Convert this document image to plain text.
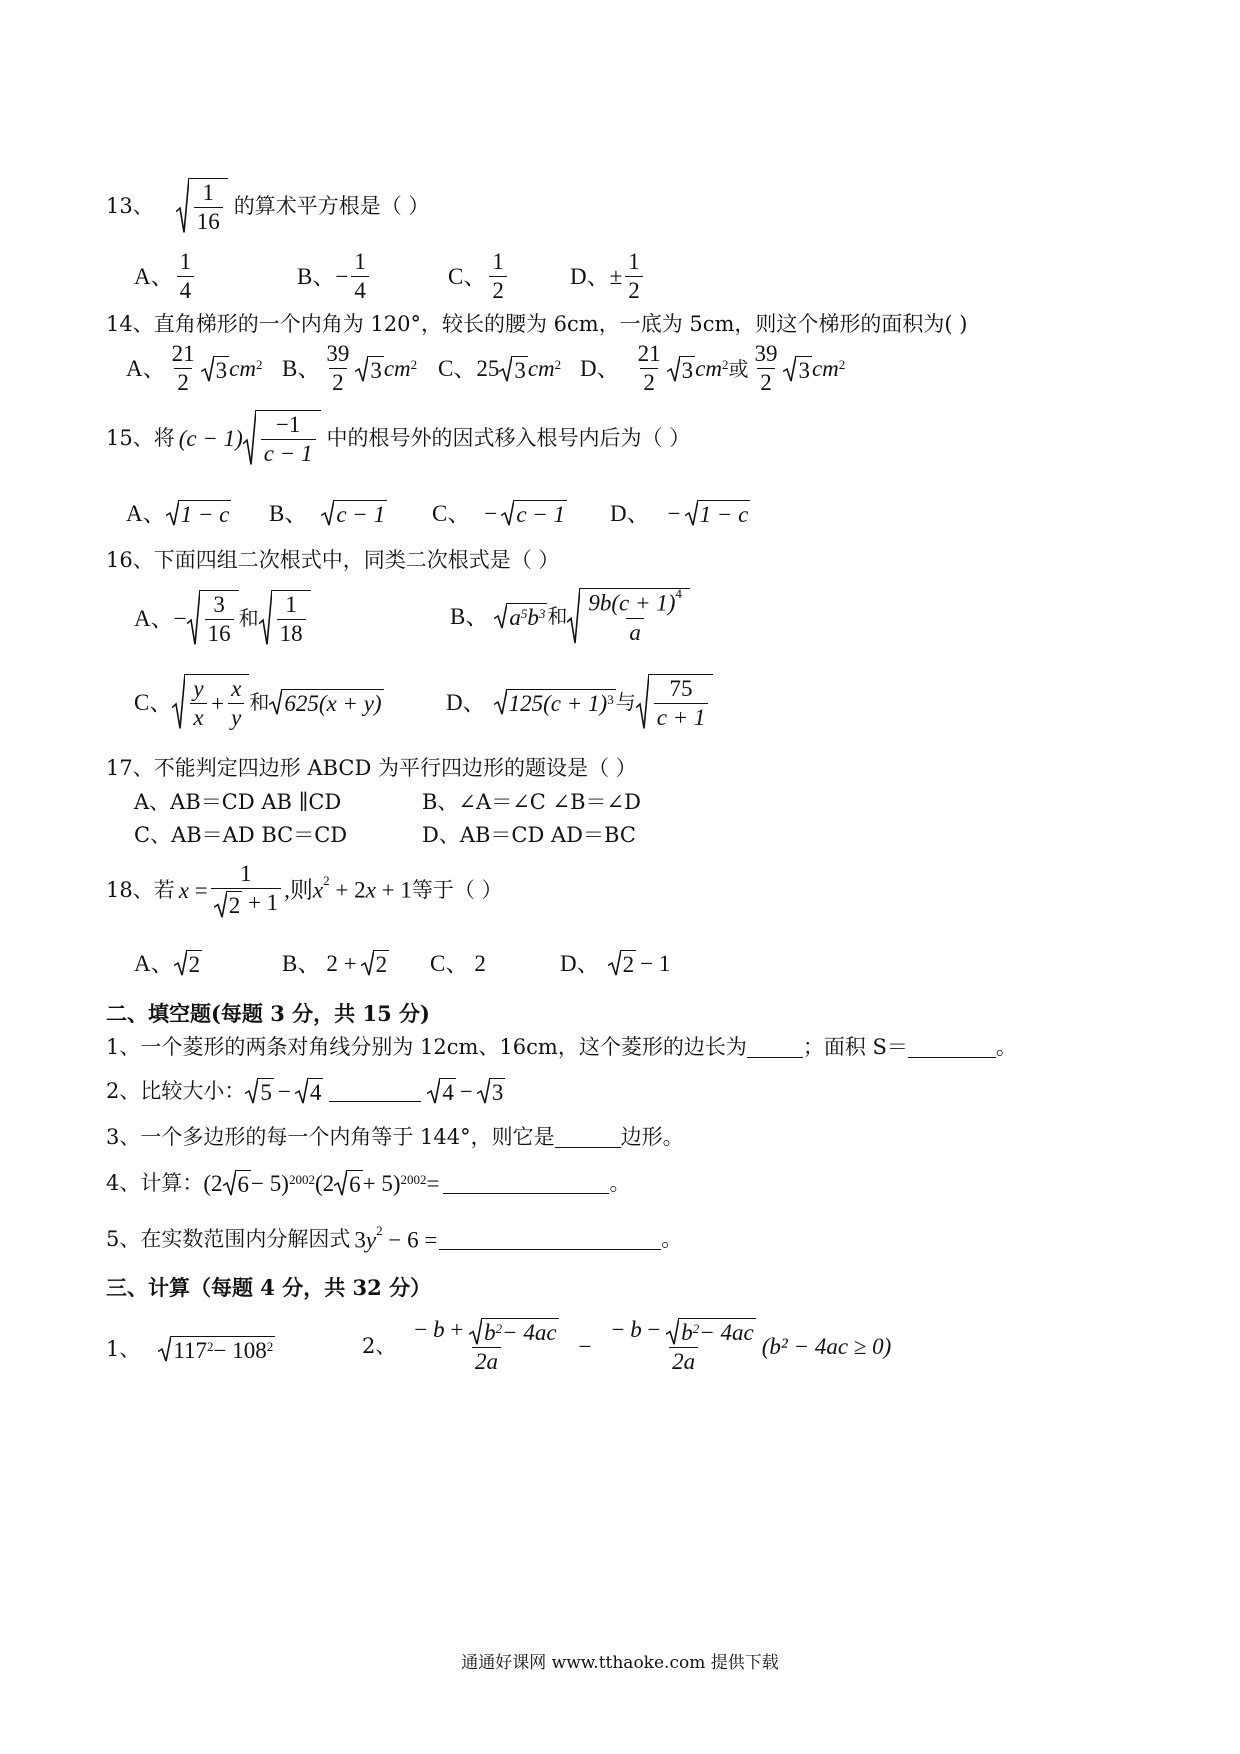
13、 $\frac{1}{16}$ 的算术平方根是（ ）
A、 $\frac{1}{4}$	B、 − $\frac{1}{4}$	C、 $\frac{1}{2}$	D、 ± $\frac{1}{2}$
14、 直角梯形的一个内角为 120°，较长的腰为 6cm，一底为 5cm，则这个梯形的面积为( )
A、 $\frac{21}{2} 3$ cm 2 B、 $\frac{39}{2} 3$ cm 2 C、 25 3 cm 2 D、 $\frac{21}{2} 3$ cm 2 或 $\frac{39}{2} 3$ cm 2
15、 将 $(c - 1) \frac{-1}{c - 1}$ 中的根号外的因式移入根号内后为（ ）
A、 1 − c B、 c − 1 C、 − c − 1 D、 − 1 − c
16、 下面四组二次根式中，同类二次根式是（ ）
A、 − $\frac{3}{16}$ 和 $\frac{1}{18}$	B、 a 5 b 3 和 $\frac{9b(c + 1)^4}{a}$
C、 $\frac{y}{x} + \frac{x}{y}$ 和 625(x + y)	D、 125(c + 1) 3 与 $\frac{75}{c + 1}$
17、 不能判定四边形 ABCD 为平行四边形的题设是（ ）
A、AB＝CD AB ∥CD	B、∠A＝∠C ∠B＝∠D
C、AB＝AD BC＝CD	D、AB＝CD AD＝BC
18、 若 $x = \frac{1}{2 + 1}$ ,则$x^2 + 2x + 1$ 等于（ ）
A、 2	B、 2 + 2 C、 2	D、 2 − 1
二、填空题(每题 3 分，共 15 分)
1、一个菱形的两条对角线分别为 12cm、16cm，这个菱形的边长为	；面积 S＝	。
2、比较大小： 5 − 4	4 − 3
3、一个多边形的每一个内角等于 144°，则它是	边形。
4、计算： (2 6 − 5) 2002 (2 6 + 5) 2002 =	。
5、在实数范围内分解因式 $3y^2 - 6$ =	。
三、计算（每题 4 分，共 32 分）
1、 117 2 − 108 2	2、 $\frac{- b + b 2 - 4ac}{2a} - \frac{- b - b 2 - 4ac}{2a} (b^2 - 4ac \ge 0)$
通通好课网 www.tthaoke.com 提供下载
